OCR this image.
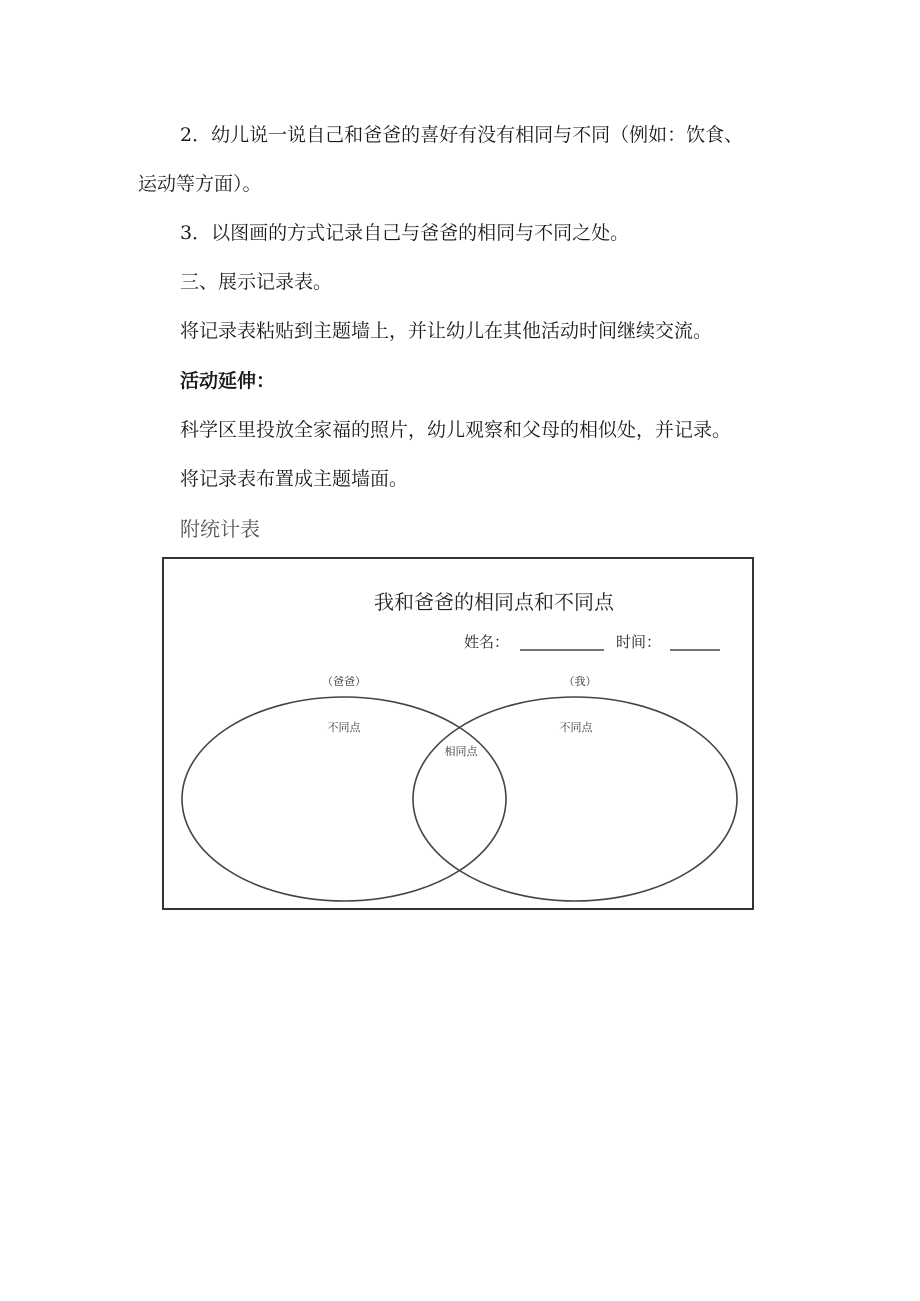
2．幼儿说一说自己和爸爸的喜好有没有相同与不同（例如：饮食、

运动等方面）。

3．以图画的方式记录自己与爸爸的相同与不同之处。

三、展示记录表。

将记录表粘贴到主题墙上，并让幼儿在其他活动时间继续交流。

活动延伸：

科学区里投放全家福的照片，幼儿观察和父母的相似处，并记录。

将记录表布置成主题墙面。

附统计表

我和爸爸的相同点和不同点
姓名：	时间：
（爸爸）	（我）
不同点	不同点
相同点
